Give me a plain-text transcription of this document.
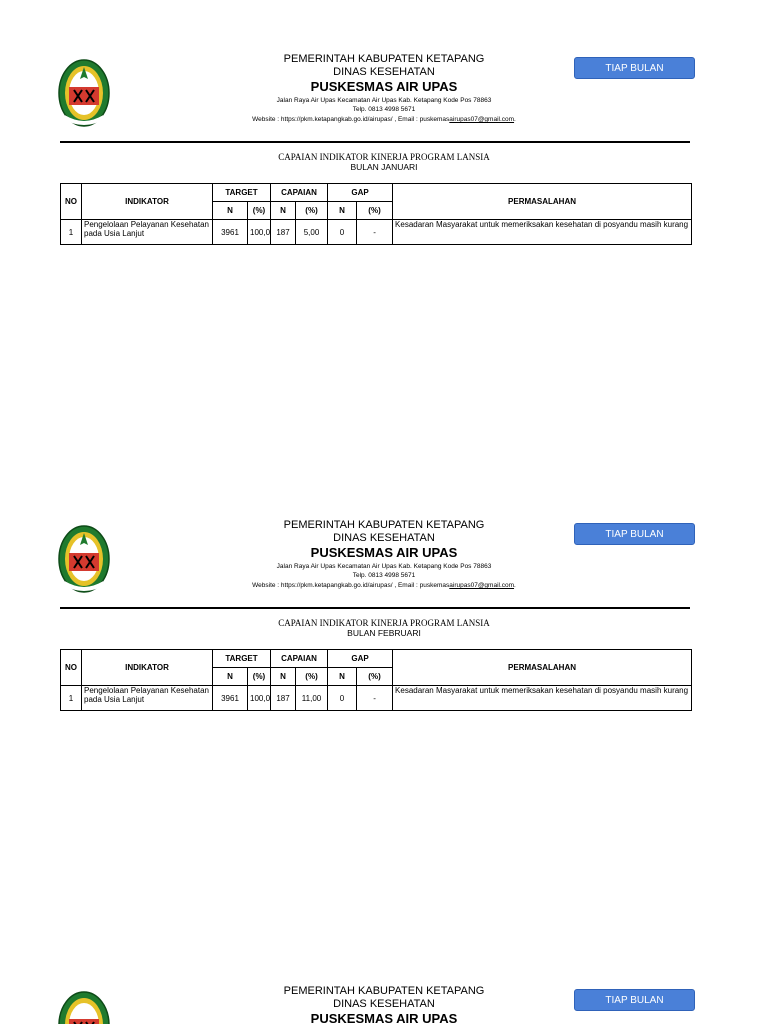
PEMERINTAH KABUPATEN KETAPANG
DINAS KESEHATAN
PUSKESMAS AIR UPAS
Jalan Raya Air Upas Kecamatan Air Upas Kab. Ketapang Kode Pos 78863
Telp. 0813 4998 5671
Website : https://pkm.ketapangkab.go.id/airupas/ , Email : puskemasairupas07@gmail.com.
TIAP BULAN
CAPAIAN INDIKATOR KINERJA PROGRAM LANSIA
BULAN JANUARI
NO	INDIKATOR	TARGET		CAPAIAN		GAP		PERMASALAHAN
		N	(%)	N	(%)	N	(%)	
1	Pengelolaan Pelayanan Kesehatan pada Usia Lanjut	3961	100,0	187	5,00	0	-	Kesadaran Masyarakat untuk memeriksakan kesehatan di posyandu masih kurang
PEMERINTAH KABUPATEN KETAPANG
DINAS KESEHATAN
PUSKESMAS AIR UPAS
Jalan Raya Air Upas Kecamatan Air Upas Kab. Ketapang Kode Pos 78863
Telp. 0813 4998 5671
Website : https://pkm.ketapangkab.go.id/airupas/ , Email : puskemasairupas07@gmail.com.
TIAP BULAN
CAPAIAN INDIKATOR KINERJA PROGRAM LANSIA
BULAN FEBRUARI
NO	INDIKATOR	TARGET		CAPAIAN		GAP		PERMASALAHAN
		N	(%)	N	(%)	N	(%)	
1	Pengelolaan Pelayanan Kesehatan pada Usia Lanjut	3961	100,0	187	11,00	0	-	Kesadaran Masyarakat untuk memeriksakan kesehatan di posyandu masih kurang
PEMERINTAH KABUPATEN KETAPANG
DINAS KESEHATAN
PUSKESMAS AIR UPAS
TIAP BULAN
